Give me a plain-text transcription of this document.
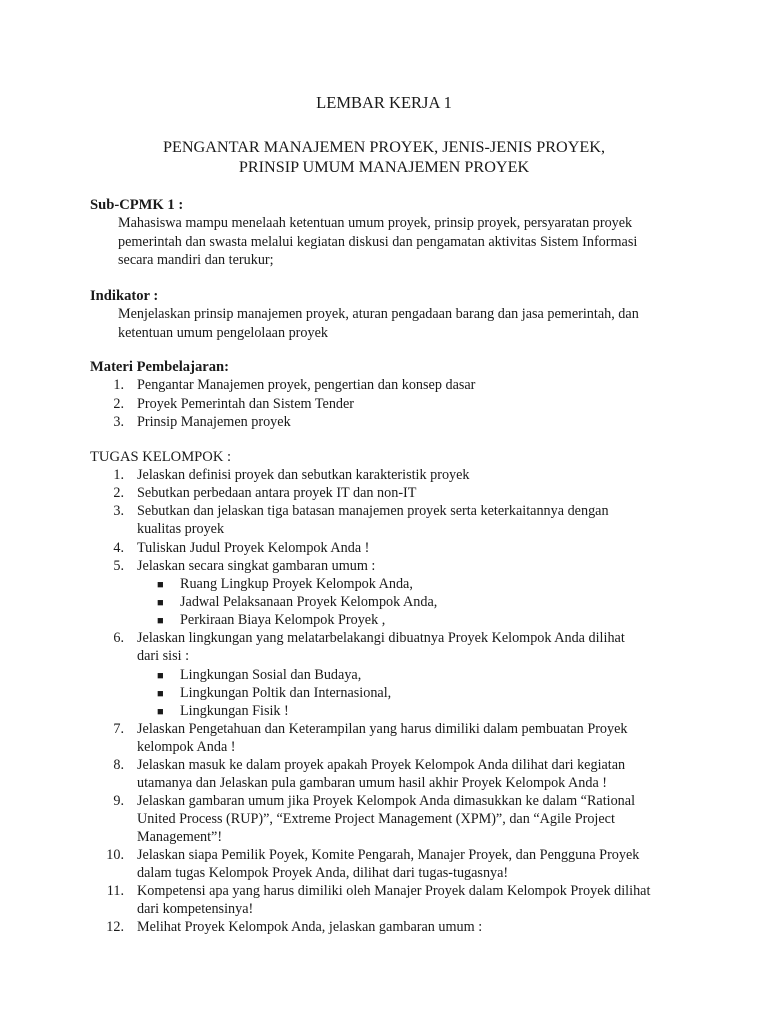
LEMBAR KERJA 1
PENGANTAR MANAJEMEN PROYEK, JENIS-JENIS PROYEK,
PRINSIP UMUM MANAJEMEN PROYEK
Sub-CPMK 1 :
Mahasiswa mampu menelaah ketentuan umum proyek, prinsip proyek, persyaratan proyek
pemerintah dan swasta melalui kegiatan diskusi dan pengamatan aktivitas Sistem Informasi
secara mandiri dan terukur;
Indikator :
Menjelaskan prinsip manajemen proyek, aturan pengadaan barang dan jasa pemerintah, dan
ketentuan umum pengelolaan proyek
Materi Pembelajaran:
1. Pengantar Manajemen proyek, pengertian dan konsep dasar
2. Proyek Pemerintah dan Sistem Tender
3. Prinsip Manajemen proyek
TUGAS KELOMPOK :
1. Jelaskan definisi proyek dan sebutkan karakteristik proyek
2. Sebutkan perbedaan antara proyek IT dan non-IT
3. Sebutkan dan jelaskan tiga batasan manajemen proyek serta keterkaitannya dengan
kualitas proyek
4. Tuliskan Judul Proyek Kelompok Anda !
5. Jelaskan secara singkat gambaran umum :
■ Ruang Lingkup Proyek Kelompok Anda,
■ Jadwal Pelaksanaan Proyek Kelompok Anda,
■ Perkiraan Biaya Kelompok Proyek ,
6. Jelaskan lingkungan yang melatarbelakangi dibuatnya Proyek Kelompok Anda dilihat
dari sisi :
■ Lingkungan Sosial dan Budaya,
■ Lingkungan Poltik dan Internasional,
■ Lingkungan Fisik !
7. Jelaskan Pengetahuan dan Keterampilan yang harus dimiliki dalam pembuatan Proyek
kelompok Anda !
8. Jelaskan masuk ke dalam proyek apakah Proyek Kelompok Anda dilihat dari kegiatan
utamanya dan Jelaskan pula gambaran umum hasil akhir Proyek Kelompok Anda !
9. Jelaskan gambaran umum jika Proyek Kelompok Anda dimasukkan ke dalam “Rational
United Process (RUP)”, “Extreme Project Management (XPM)”, dan “Agile Project
Management”!
10. Jelaskan siapa Pemilik Poyek, Komite Pengarah, Manajer Proyek, dan Pengguna Proyek
dalam tugas Kelompok Proyek Anda, dilihat dari tugas-tugasnya!
11. Kompetensi apa yang harus dimiliki oleh Manajer Proyek dalam Kelompok Proyek dilihat
dari kompetensinya!
12. Melihat Proyek Kelompok Anda, jelaskan gambaran umum :
